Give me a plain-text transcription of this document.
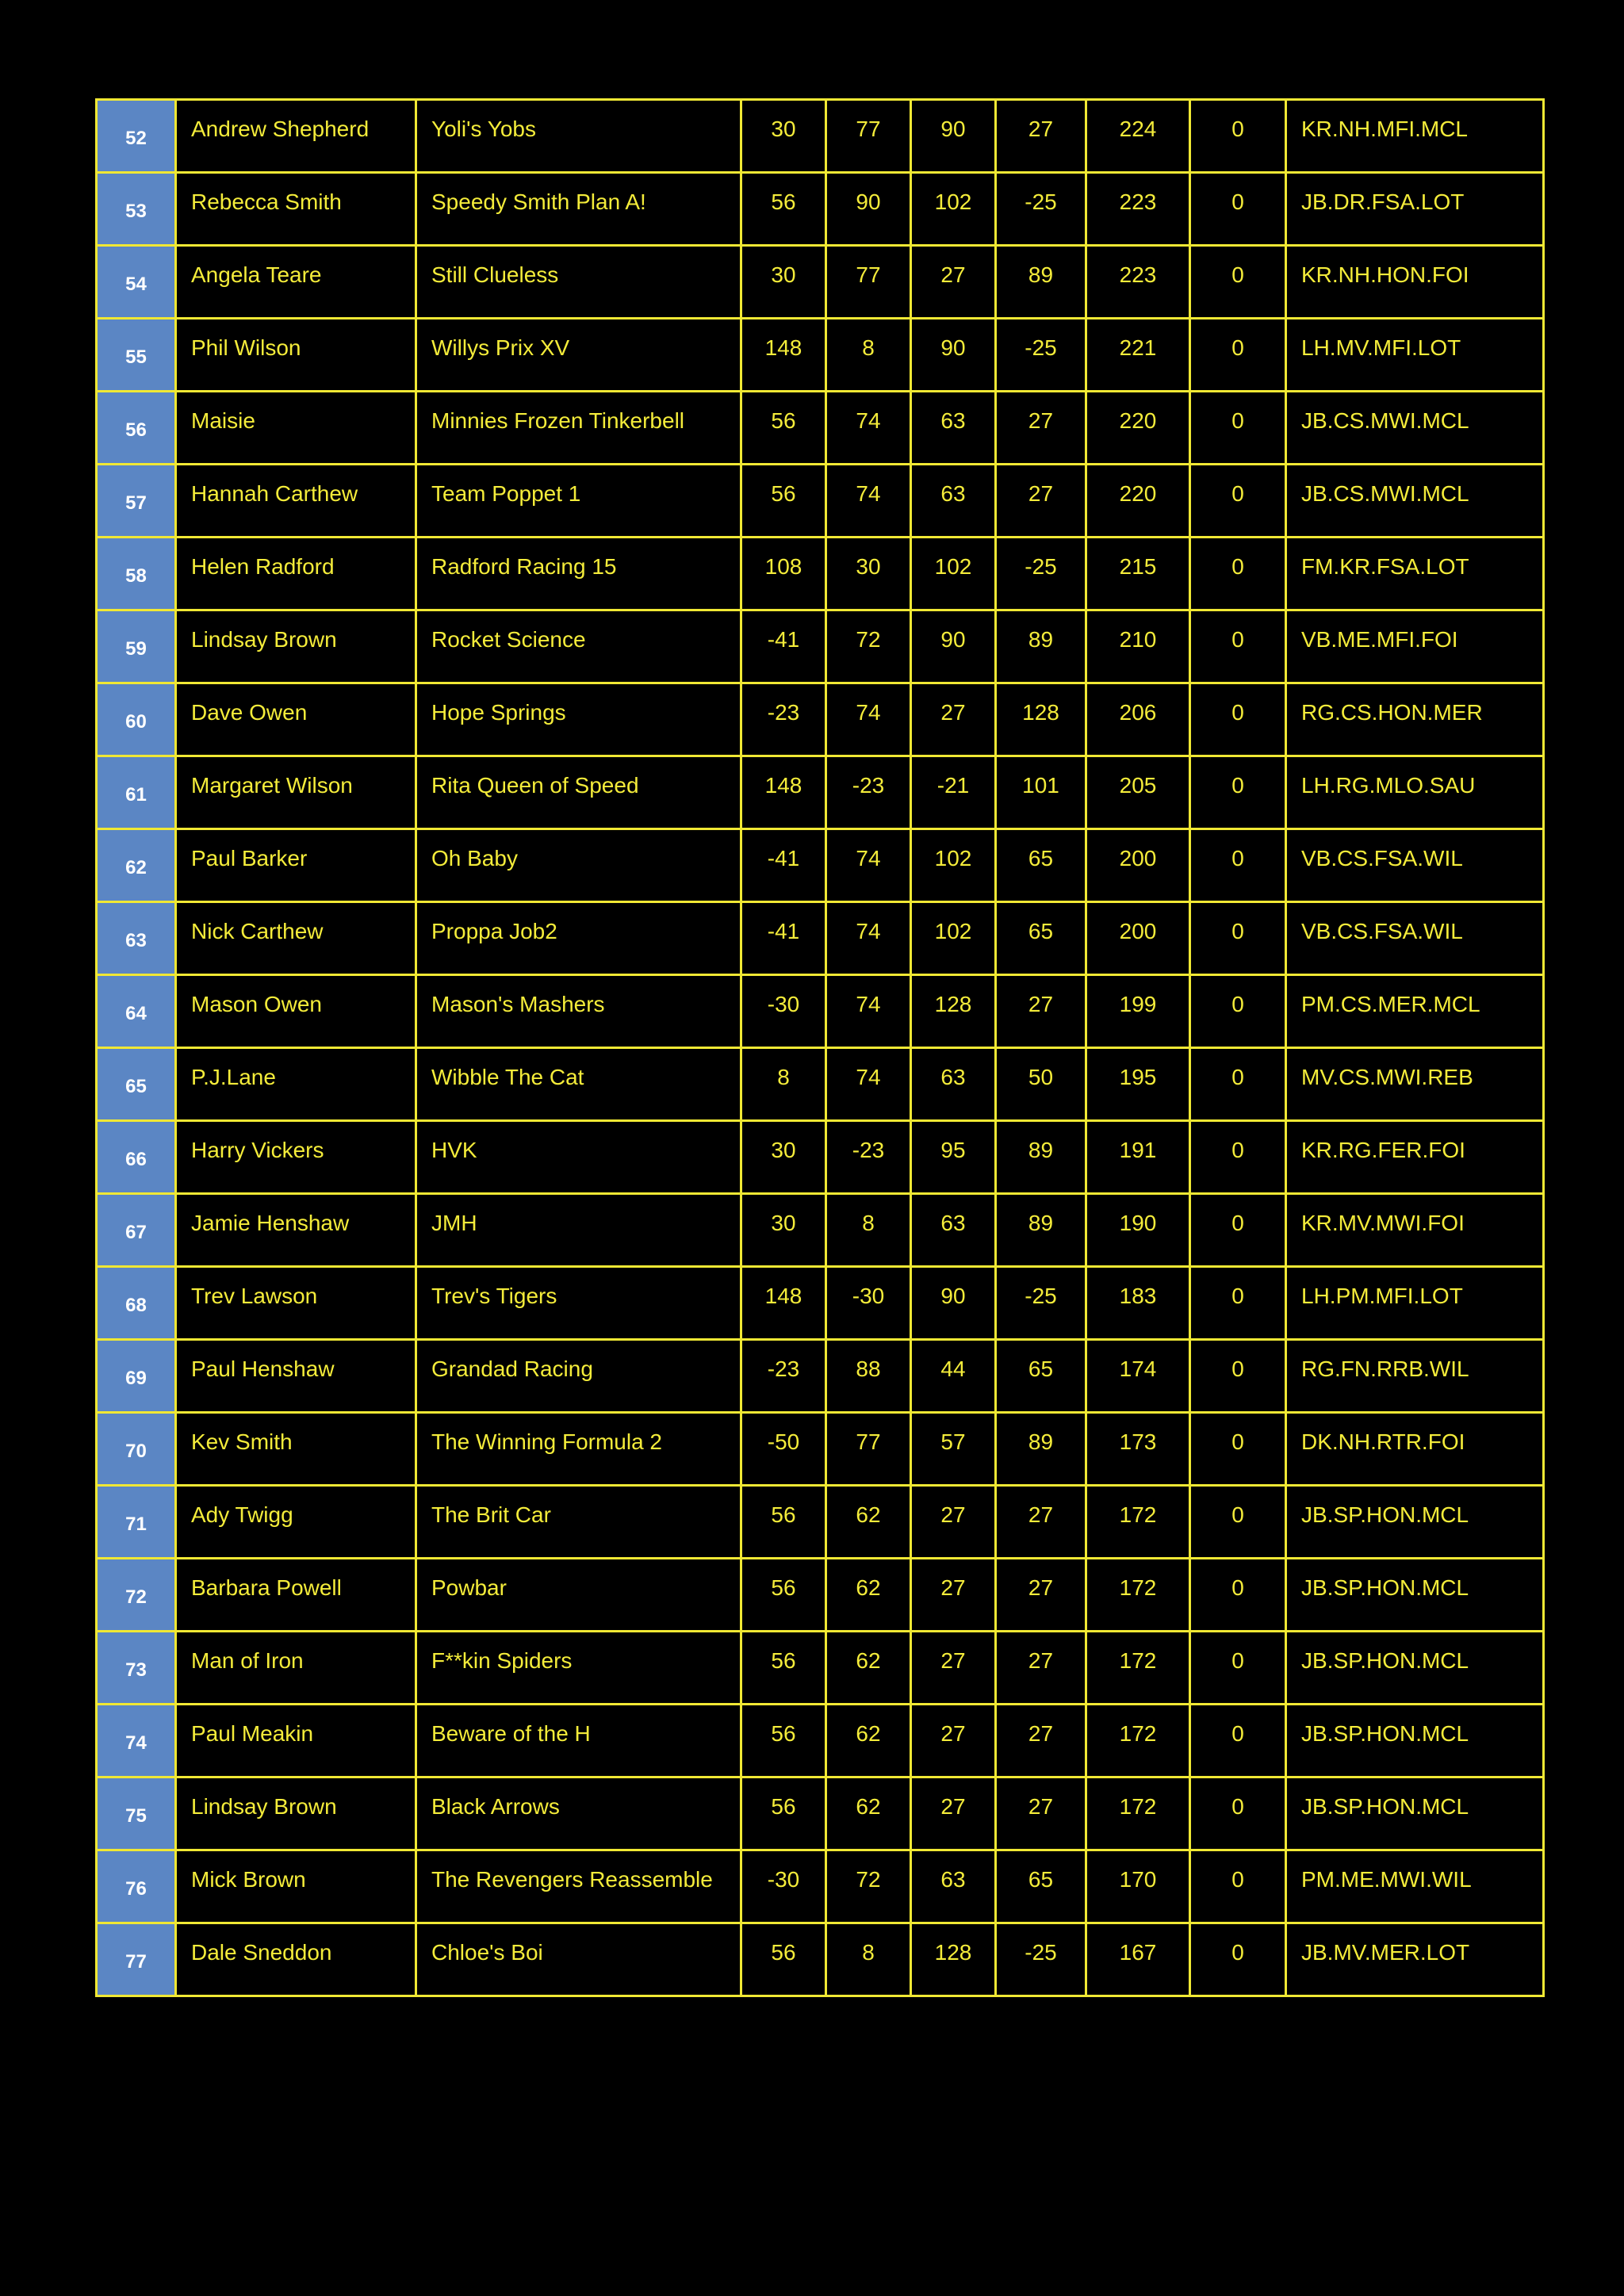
52	Andrew Shepherd	Yoli's Yobs	30	77	90	27	224	0	KR.NH.MFI.MCL
53	Rebecca Smith	Speedy Smith Plan A!	56	90	102	-25	223	0	JB.DR.FSA.LOT
54	Angela Teare	Still Clueless	30	77	27	89	223	0	KR.NH.HON.FOI
55	Phil Wilson	Willys Prix XV	148	8	90	-25	221	0	LH.MV.MFI.LOT
56	Maisie	Minnies Frozen Tinkerbell	56	74	63	27	220	0	JB.CS.MWI.MCL
57	Hannah Carthew	Team Poppet 1	56	74	63	27	220	0	JB.CS.MWI.MCL
58	Helen Radford	Radford Racing 15	108	30	102	-25	215	0	FM.KR.FSA.LOT
59	Lindsay Brown	Rocket Science	-41	72	90	89	210	0	VB.ME.MFI.FOI
60	Dave Owen	Hope Springs	-23	74	27	128	206	0	RG.CS.HON.MER
61	Margaret Wilson	Rita Queen of Speed	148	-23	-21	101	205	0	LH.RG.MLO.SAU
62	Paul Barker	Oh Baby	-41	74	102	65	200	0	VB.CS.FSA.WIL
63	Nick Carthew	Proppa Job2	-41	74	102	65	200	0	VB.CS.FSA.WIL
64	Mason Owen	Mason's Mashers	-30	74	128	27	199	0	PM.CS.MER.MCL
65	P.J.Lane	Wibble The Cat	8	74	63	50	195	0	MV.CS.MWI.REB
66	Harry Vickers	HVK	30	-23	95	89	191	0	KR.RG.FER.FOI
67	Jamie Henshaw	JMH	30	8	63	89	190	0	KR.MV.MWI.FOI
68	Trev Lawson	Trev's Tigers	148	-30	90	-25	183	0	LH.PM.MFI.LOT
69	Paul Henshaw	Grandad Racing	-23	88	44	65	174	0	RG.FN.RRB.WIL
70	Kev Smith	The Winning Formula 2	-50	77	57	89	173	0	DK.NH.RTR.FOI
71	Ady Twigg	The Brit Car	56	62	27	27	172	0	JB.SP.HON.MCL
72	Barbara Powell	Powbar	56	62	27	27	172	0	JB.SP.HON.MCL
73	Man of Iron	F**kin Spiders	56	62	27	27	172	0	JB.SP.HON.MCL
74	Paul Meakin	Beware of the H	56	62	27	27	172	0	JB.SP.HON.MCL
75	Lindsay Brown	Black Arrows	56	62	27	27	172	0	JB.SP.HON.MCL
76	Mick Brown	The Revengers Reassemble	-30	72	63	65	170	0	PM.ME.MWI.WIL
77	Dale Sneddon	Chloe's Boi	56	8	128	-25	167	0	JB.MV.MER.LOT
